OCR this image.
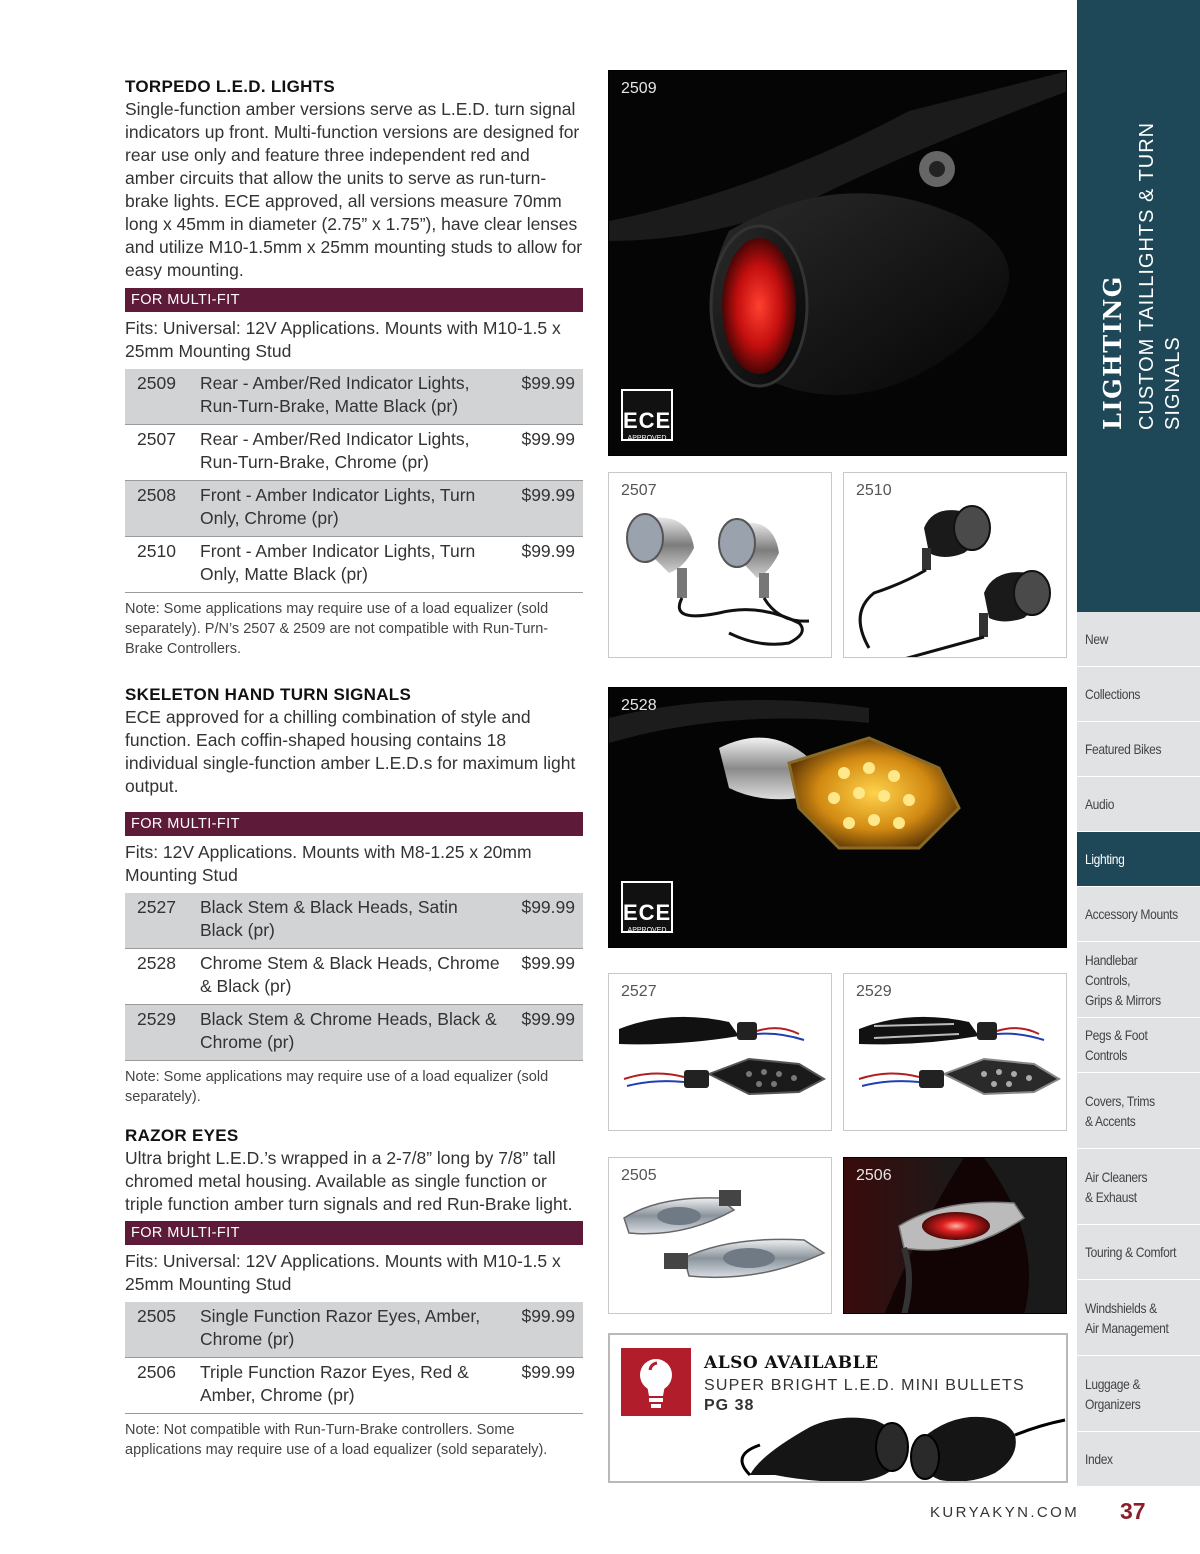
TORPEDO L.E.D. LIGHTS
Single-function amber versions serve as L.E.D. turn signal indicators up front. Multi-function versions are designed for rear use only and feature three independent red and amber circuits that allow the units to serve as run-turn-brake lights. ECE approved, all versions measure 70mm long x 45mm in diameter (2.75” x 1.75”), have clear lenses and utilize M10-1.5mm x 25mm mounting studs to allow for easy mounting.
FOR MULTI-FIT
Fits: Universal: 12V Applications. Mounts with M10-1.5 x 25mm Mounting Stud
2509	Rear - Amber/Red Indicator Lights, Run-Turn-Brake, Matte Black (pr)	$99.99
2507	Rear - Amber/Red Indicator Lights, Run-Turn-Brake, Chrome (pr)	$99.99
2508	Front - Amber Indicator Lights, Turn Only, Chrome (pr)	$99.99
2510	Front - Amber Indicator Lights, Turn Only, Matte Black (pr)	$99.99
Note: Some applications may require use of a load equalizer (sold separately). P/N’s 2507 & 2509 are not compatible with Run-Turn-Brake Controllers.
SKELETON HAND TURN SIGNALS
ECE approved for a chilling combination of style and function. Each coffin-shaped housing contains 18 individual single-function amber L.E.D.s for maximum light output.
FOR MULTI-FIT
Fits: 12V Applications. Mounts with M8-1.25 x 20mm Mounting Stud
2527	Black Stem & Black Heads, Satin Black (pr)	$99.99
2528	Chrome Stem & Black Heads, Chrome & Black (pr)	$99.99
2529	Black Stem & Chrome Heads, Black & Chrome (pr)	$99.99
Note: Some applications may require use of a load equalizer (sold separately).
RAZOR EYES
Ultra bright L.E.D.’s wrapped in a 2-7/8” long by 7/8” tall chromed metal housing. Available as single function or triple function amber turn signals and red Run-Brake light.
FOR MULTI-FIT
Fits: Universal: 12V Applications. Mounts with M10-1.5 x 25mm Mounting Stud
2505	Single Function Razor Eyes, Amber, Chrome (pr)	$99.99
2506	Triple Function Razor Eyes, Red & Amber, Chrome (pr)	$99.99
Note: Not compatible with Run-Turn-Brake controllers. Some applications may require use of a load equalizer (sold separately).
2509
ECE
APPROVED
2507	2510
2528
ECE
APPROVED
2527	2529
2505	2506
ALSO AVAILABLE
SUPER BRIGHT L.E.D. MINI BULLETS
PG 38
LIGHTING CUSTOM TAILLIGHTS & TURN SIGNALS
New
Collections
Featured Bikes
Audio
Lighting
Accessory Mounts
Handlebar Controls,
Grips & Mirrors
Pegs & Foot Controls
Covers, Trims
& Accents
Air Cleaners
& Exhaust
Touring & Comfort
Windshields &
Air Management
Luggage &
Organizers
Index
KURYAKYN.COM 37
